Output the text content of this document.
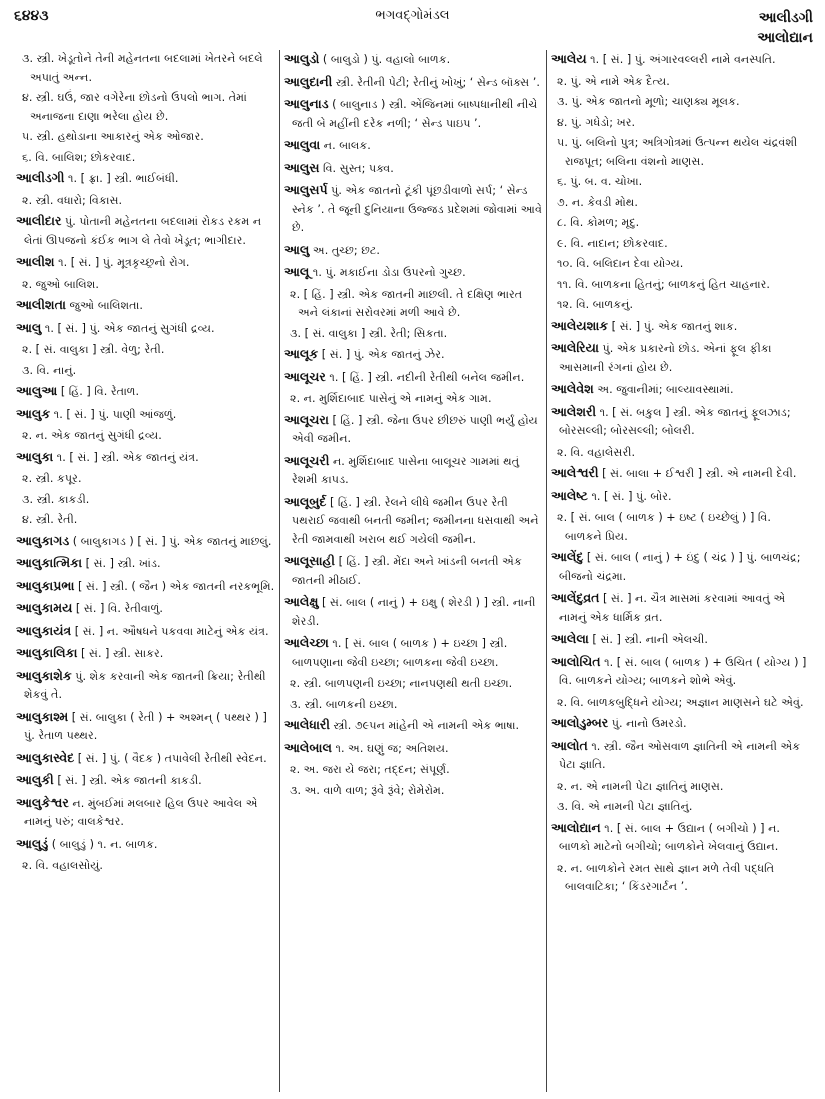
૬૪૪૩	ભગવદ્ગોમંડલ	આલીડગી
આલોદ્યાન
૩. સ્ત્રી. ખેડૂતોને તેની મહેનતના બદલામાં ખેતરને બદલે અપાતું અન્ન.
૪. સ્ત્રી. ઘઉં, જાર વગેરેના છોડનો ઉપલો ભાગ. તેમાં અનાજના દાણા ભરેલા હોય છે.
૫. સ્ત્રી. હથોડાના આકારનું એક ઓજાર.
૬. વિ. બાલિશ; છોકરવાદ.
આલીડગી ૧. [ ફ્રા. ] સ્ત્રી. ભાઈબંધી.
૨. સ્ત્રી. વધારો; વિકાસ.
આલીદાર પું. પોતાની મહેનતના બદલામાં રોકડ રકમ ન લેતાં ઊપજનો કંઈક ભાગ લે તેવો ખેડૂત; ભાગીદાર.
આલીશ ૧. [ સં. ] પું. મૂત્રકૃચ્છ્રનો રોગ.
૨. જુઓ બાલિશ.
આલીશતા જુઓ બાલિશતા.
આલુ ૧. [ સં. ] પું. એક જાતનું સુગંધી દ્રવ્ય.
૨. [ સં. વાલુકા ] સ્ત્રી. વેળુ; રેતી.
૩. વિ. નાનું.
આલુઆ [ હિં. ] વિ. રેતાળ.
આલુક ૧. [ સં. ] પું. પાણી આંજળું.
૨. ન. એક જાતનું સુગંધી દ્રવ્ય.
આલુકા ૧. [ સં. ] સ્ત્રી. એક જાતનું યંત્ર.
૨. સ્ત્રી. કપૂર.
૩. સ્ત્રી. કાકડી.
૪. સ્ત્રી. રેતી.
આલુકાગડ ( બાલુકાગડ ) [ સં. ] પું. એક જાતનું માછલું.
આલુકાત્મિકા [ સં. ] સ્ત્રી. ખાંડ.
આલુકાપ્રભા [ સં. ] સ્ત્રી. ( જૈન ) એક જાતની નરકભૂમિ.
આલુકામય [ સં. ] વિ. રેતીવાળું.
આલુકાયંત્ર [ સં. ] ન. ઔષધને પકવવા માટેનું એક યંત્ર.
આલુકાલિકા [ સં. ] સ્ત્રી. સાકર.
આલુકાશેક પું. શેક કરવાની એક જાતની ક્રિયા; રેતીથી શેકવું તે.
આલુકાશ્મ [ સં. બાલુકા ( રેતી ) + અશ્મન્ ( પથ્થર ) ] પું. રેતાળ પથ્થર.
આલુકાસ્વેદ [ સં. ] પું. ( વૈદક ) તપાવેલી રેતીથી સ્વેદન.
આલુકી [ સં. ] સ્ત્રી. એક જાતની કાકડી.
આલુકેશ્વર ન. મુંબઈમાં મલબાર હિલ ઉપર આવેલ એ નામનું પરું; વાલકેશ્વર.
આલુડું ( બાલુડું ) ૧. ન. બાળક.
૨. વિ. વહાલસોયું.
આલુડો ( બાલુડો ) પું. વહાલો બાળક.
આલુદાની સ્ત્રી. રેતીની પેટી; રેતીનું ખોખું; ‘ સેન્ડ બૉક્સ ’.
આલુનાડ ( બાલુનાડ ) સ્ત્રી. એંજિનમાં બાષ્પધાનીથી નીચે જતી બે મહીંની દરેક નળી; ‘ સેન્ડ પાઇપ ’.
આલુવા ન. બાલક.
આલુસ વિ. સુસ્ત; પક્વ.
આલુસર્પ પું. એક જાતનો ટૂંકી પૂંછડીવાળો સર્પ; ‘ સેન્ડ સ્નેક ’. તે જૂની દુનિયાના ઉજ્જડ પ્રદેશમાં જોવામાં આવે છે.
આલુ અ. તુચ્છ; છટ.
આલૂ ૧. પું. મકાઈના ડોડા ઉપરનો ગુચ્છ.
૨. [ હિં. ] સ્ત્રી. એક જાતની માછલી. તે દક્ષિણ ભારત અને લંકાનાં સરોવરમાં મળી આવે છે.
૩. [ સં. વાલુકા ] સ્ત્રી. રેતી; સિકતા.
આલૂક [ સં. ] પું. એક જાતનું ઝેર.
આલૂચર ૧. [ હિં. ] સ્ત્રી. નદીની રેતીથી બનેલ જમીન.
૨. ન. મુર્શિદાબાદ પાસેનું એ નામનું એક ગામ.
આલૂચરા [ હિં. ] સ્ત્રી. જેના ઉપર છીછરું પાણી ભર્યું હોય એવી જમીન.
આલૂચરી ન. મુર્શિદાબાદ પાસેના બાલૂચર ગામમાં થતું રેશમી કાપડ.
આલૂબુર્દ [ હિં. ] સ્ત્રી. રેલને લીધે જમીન ઉપર રેતી પથરાઈ જવાથી બનતી જમીન; જમીનના ધસવાથી અને રેતી જામવાથી ખરાબ થઈ ગયેલી જમીન.
આલૂસાહી [ હિં. ] સ્ત્રી. મેંદા અને ખાંડની બનતી એક જાતની મીઠાઈ.
આલેક્ષુ [ સં. બાલ ( નાનું ) + ઇક્ષુ ( શેરડી ) ] સ્ત્રી. નાની શેરડી.
આલેચ્છા ૧. [ સં. બાલ ( બાળક ) + ઇચ્છા ] સ્ત્રી. બાળપણાના જેવી ઇચ્છા; બાળકના જેવી ઇચ્છા.
૨. સ્ત્રી. બાળપણની ઇચ્છા; નાનપણથી થતી ઇચ્છા.
૩. સ્ત્રી. બાળકની ઇચ્છા.
આલેધારી સ્ત્રી. ૭૯૫ન માંહેની એ નામની એક ભાષા.
આલેબાલ ૧. અ. ઘણું જ; અતિશય.
૨. અ. જરા યે જરા; તદ્દન; સંપૂર્ણ.
૩. અ. વાળે વાળ; રૂંવે રૂંવે; રોમેરોમ.
આલેય ૧. [ સં. ] પું. અંગારવલ્લરી નામે વનસ્પતિ.
૨. પું. એ નામે એક દૈત્ય.
૩. પું. એક જાતનો મૂળો; ચાણક્ય મૂલક.
૪. પું. ગધેડો; ખર.
૫. પું. બલિનો પુત્ર; અત્રિગોત્રમાં ઉત્પન્ન થયેલ ચંદ્રવંશી રાજપૂત; બલિના વંશનો માણસ.
૬. પું. બ. વ. ચોખા.
૭. ન. કેવડી મોથ.
૮. વિ. કોમળ; મૃદુ.
૯. વિ. નાદાન; છોકરવાદ.
૧૦. વિ. બલિદાન દેવા યોગ્ય.
૧૧. વિ. બાળકના હિતનું; બાળકનું હિત ચાહનાર.
૧૨. વિ. બાળકનું.
આલેયશાક [ સં. ] પું. એક જાતનું શાક.
આલેરિયા પું. એક પ્રકારનો છોડ. એનાં ફૂલ ફીકા આસમાની રંગનાં હોય છે.
આલેવેશ અ. જુવાનીમાં; બાલ્યાવસ્થામાં.
આલેશરી ૧. [ સં. બકુલ ] સ્ત્રી. એક જાતનું ફૂલઝાડ; બોરસલ્લી; બોરસલ્લી; બોલરી.
૨. વિ. વહાલેસરી.
આલેશ્વરી [ સં. બાલા + ઈશ્વરી ] સ્ત્રી. એ નામની દેવી.
આલેષ્ટ ૧. [ સં. ] પું. બોર.
૨. [ સં. બાલ ( બાળક ) + ઇષ્ટ ( ઇચ્છેલું ) ] વિ. બાળકને પ્રિય.
આલેંદુ [ સં. બાલ ( નાનું ) + ઇંદુ ( ચંદ્ર ) ] પું. બાળચંદ્ર; બીજનો ચંદ્રમા.
આલેંદુવ્રત [ સં. ] ન. ચૈત્ર માસમાં કરવામાં આવતું એ નામનું એક ધાર્મિક વ્રત.
આલેલા [ સં. ] સ્ત્રી. નાની એલચી.
આલોચિત ૧. [ સં. બાલ ( બાળક ) + ઉચિત ( યોગ્ય ) ] વિ. બાળકને યોગ્ય; બાળકને શોભે એવું.
૨. વિ. બાળકબુદ્ધિને યોગ્ય; અજ્ઞાન માણસને ઘટે એવું.
આલોડુમ્બર પું. નાનો ઉમરડો.
આલોત ૧. સ્ત્રી. જૈન ઓસવાળ જ્ઞાતિની એ નામની એક પેટા જ્ઞાતિ.
૨. ન. એ નામની પેટા જ્ઞાતિનું માણસ.
૩. વિ. એ નામની પેટા જ્ઞાતિનું.
આલોદ્યાન ૧. [ સં. બાલ + ઉદ્યાન ( બગીચો ) ] ન. બાળકો માટેનો બગીચો; બાળકોને ખેલવાનું ઉદ્યાન.
૨. ન. બાળકોને રમત સાથે જ્ઞાન મળે તેવી પદ્ધતિ બાલવાટિકા; ‘ કિંડરગાર્ટન ’.
